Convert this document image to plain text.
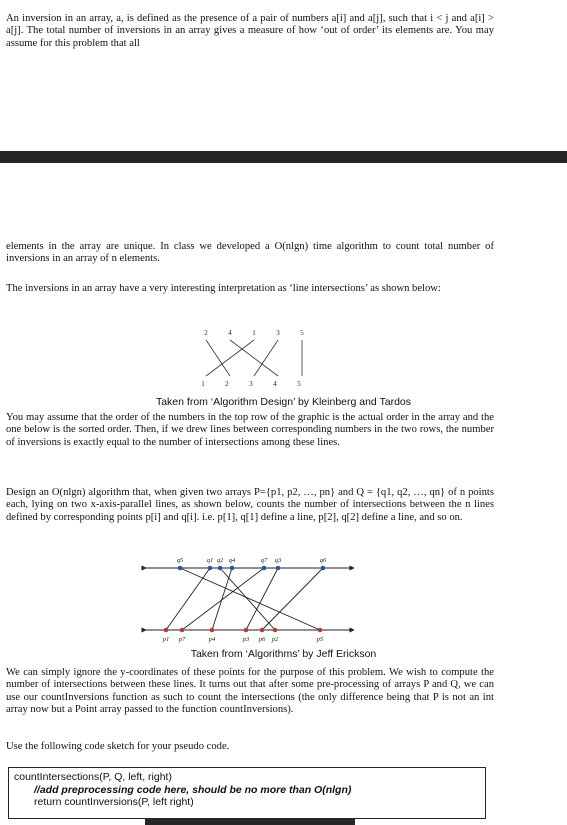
An inversion in an array, a, is defined as the presence of a pair of numbers a[i] and a[j], such that i < j and a[i] > a[j]. The total number of inversions in an array gives a measure of how ‘out of order’ its elements are. You may assume for this problem that all
elements in the array are unique. In class we developed a O(nlgn) time algorithm to count total number of inversions in an array of n elements.
The inversions in an array have a very interesting interpretation as ‘line intersections’ as shown below:
2	4	1	3	5
1	2	3	4	5
Taken from ‘Algorithm Design’ by Kleinberg and Tardos
You may assume that the order of the numbers in the top row of the graphic is the actual order in the array and the one below is the sorted order. Then, if we drew lines between corresponding numbers in the two rows, the number of inversions is exactly equal to the number of intersections among these lines.
Design an O(nlgn) algorithm that, when given two arrays P={p1, p2, …, pn} and Q = {q1, q2, …, qn} of n points each, lying on two x-axis-parallel lines, as shown below, counts the number of intersections between the n lines defined by corresponding points p[i] and q[i]. i.e. p[1], q[1] define a line, p[2], q[2] define a line, and so on.
q5	q1 q2 q4	q7 q3	q6
p1 p7	p4	p3 p6 p2	p5
Taken from ‘Algorithms’ by Jeff Erickson
We can simply ignore the y-coordinates of these points for the purpose of this problem. We wish to compute the number of intersections between these lines. It turns out that after some pre-processing of arrays P and Q, we can use our countInversions function as such to count the intersections (the only difference being that P is not an int array now but a Point array passed to the function countInversions).
Use the following code sketch for your pseudo code.
countIntersections(P, Q, left, right)
//add preprocessing code here, should be no more than O(nlgn)
return countInversions(P, left right)
